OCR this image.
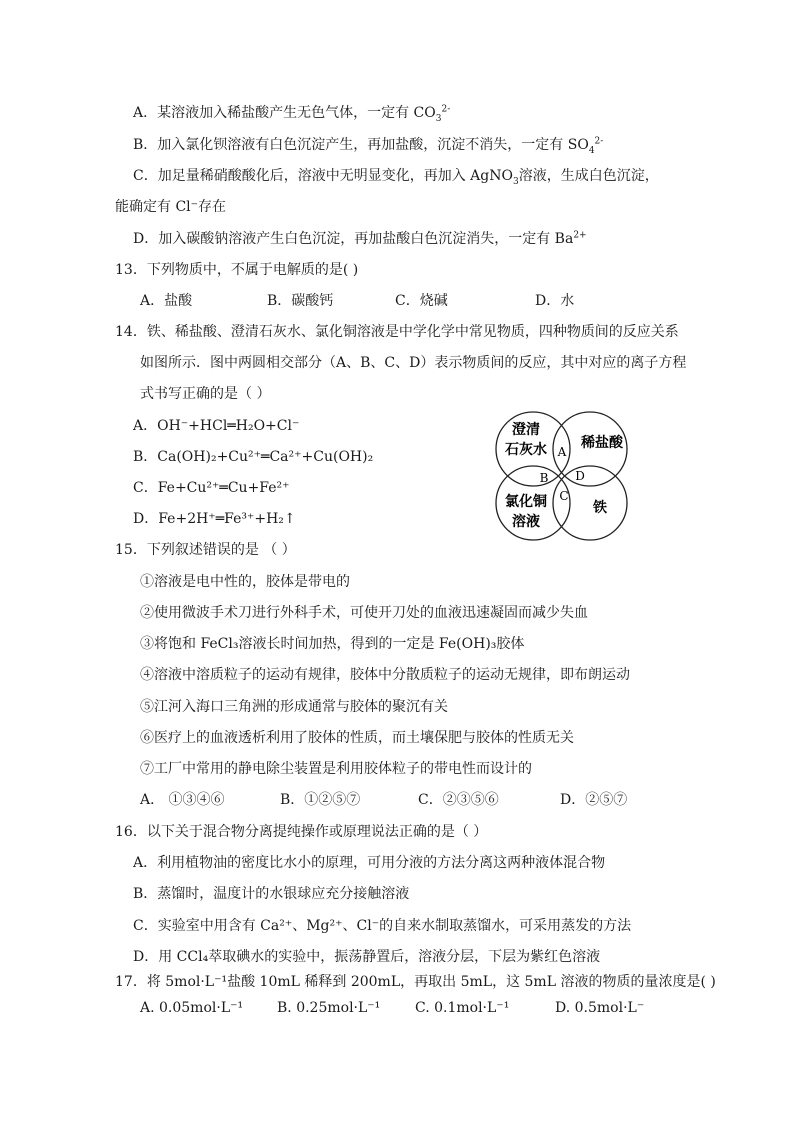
A．某溶液加入稀盐酸产生无色气体，一定有 $CO_3^{2-}$
B．加入氯化钡溶液有白色沉淀产生，再加盐酸，沉淀不消失，一定有 $SO_4^{2-}$
C．加足量稀硝酸酸化后，溶液中无明显变化，再加入 AgNO$_3$溶液，生成白色沉淀，
能确定有 Cl⁻存在
D．加入碳酸钠溶液产生白色沉淀，再加盐酸白色沉淀消失，一定有 $Ba^{2+}$
13．下列物质中，不属于电解质的是( )
A．盐酸	B．碳酸钙	C．烧碱	D．水
14．铁、稀盐酸、澄清石灰水、氯化铜溶液是中学化学中常见物质，四种物质间的反应关系
如图所示．图中两圆相交部分（A、B、C、D）表示物质间的反应，其中对应的离子方程
式书写正确的是（ ）
A．OH⁻+HCl═H₂O+Cl⁻
B．Ca(OH)₂+Cu²⁺═Ca²⁺+Cu(OH)₂
C．Fe+Cu²⁺═Cu+Fe²⁺
D．Fe+2H⁺═Fe³⁺+H₂↑
澄清
石灰水 稀盐酸
氯化铜
溶液
铁
A
B
C
D
15．下列叙述错误的是 （ ）
①溶液是电中性的，胶体是带电的
②使用微波手术刀进行外科手术，可使开刀处的血液迅速凝固而减少失血
③将饱和 FeCl₃溶液长时间加热，得到的一定是 Fe(OH)₃胶体
④溶液中溶质粒子的运动有规律，胶体中分散质粒子的运动无规律，即布朗运动
⑤江河入海口三角洲的形成通常与胶体的聚沉有关
⑥医疗上的血液透析利用了胶体的性质，而土壤保肥与胶体的性质无关
⑦工厂中常用的静电除尘装置是利用胶体粒子的带电性而设计的
A． ①③④⑥	B．①②⑤⑦	C．②③⑤⑥	D．②⑤⑦
16．以下关于混合物分离提纯操作或原理说法正确的是（ ）
A．利用植物油的密度比水小的原理，可用分液的方法分离这两种液体混合物
B．蒸馏时，温度计的水银球应充分接触溶液
C．实验室中用含有 Ca²⁺、Mg²⁺、Cl⁻的自来水制取蒸馏水，可采用蒸发的方法
D．用 CCl₄萃取碘水的实验中，振荡静置后，溶液分层，下层为紫红色溶液
17．将 5mol·L⁻¹盐酸 10mL 稀释到 200mL，再取出 5mL，这 5mL 溶液的物质的量浓度是( )
A. 0.05mol·L⁻¹	B. 0.25mol·L⁻¹	C. 0.1mol·L⁻¹	D. 0.5mol·L⁻
